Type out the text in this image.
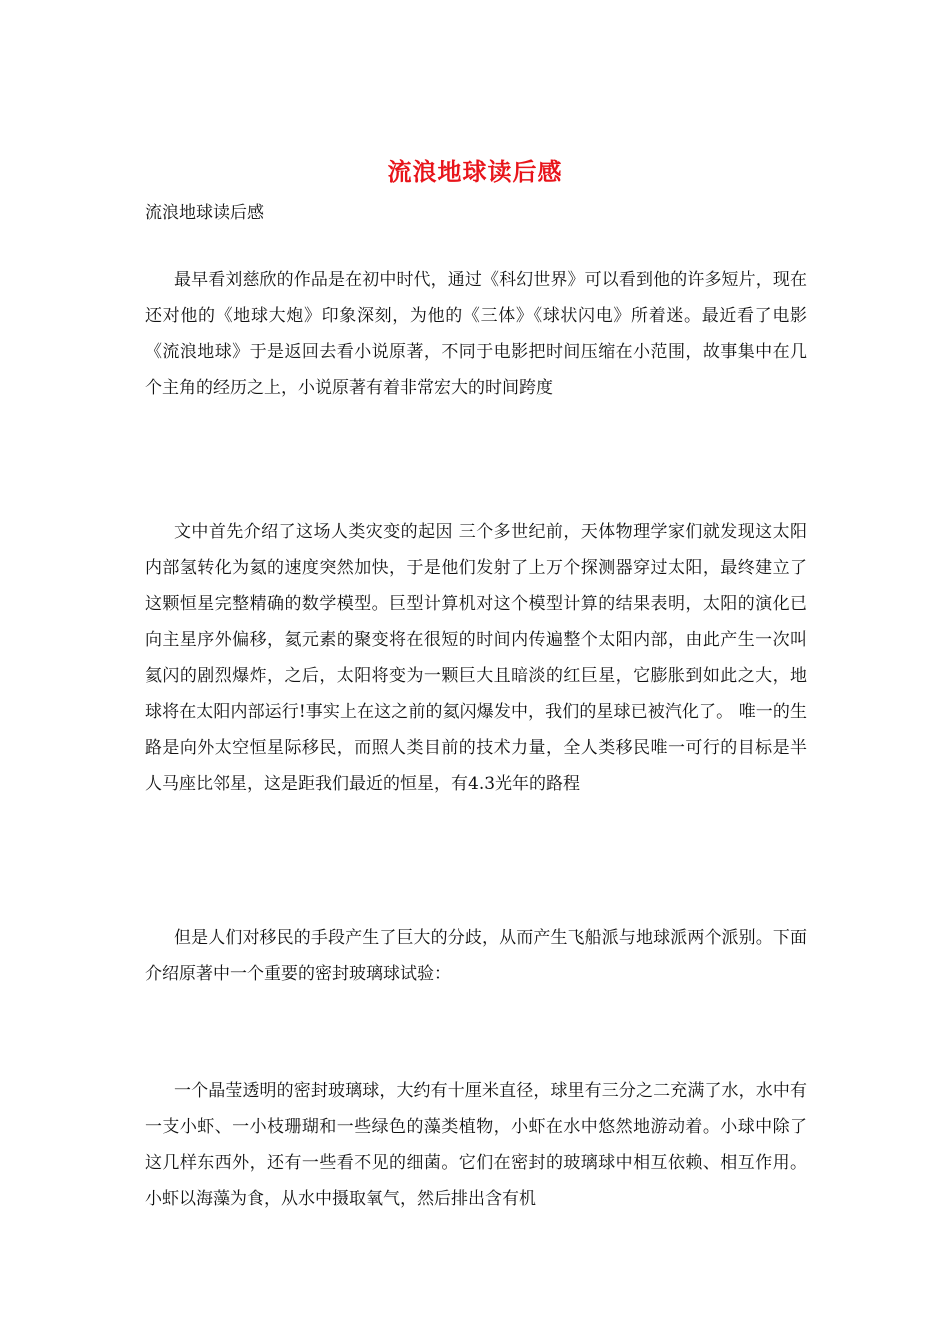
流浪地球读后感
流浪地球读后感

最早看刘慈欣的作品是在初中时代，通过《科幻世界》可以看到他的许多短片，现在还对他的《地球大炮》印象深刻，为他的《三体》《球状闪电》所着迷。最近看了电影《流浪地球》于是返回去看小说原著，不同于电影把时间压缩在小范围，故事集中在几个主角的经历之上，小说原著有着非常宏大的时间跨度

文中首先介绍了这场人类灾变的起因 三个多世纪前，天体物理学家们就发现这太阳内部氢转化为氦的速度突然加快，于是他们发射了上万个探测器穿过太阳，最终建立了这颗恒星完整精确的数学模型。巨型计算机对这个模型计算的结果表明，太阳的演化已向主星序外偏移，氦元素的聚变将在很短的时间内传遍整个太阳内部，由此产生一次叫氦闪的剧烈爆炸，之后，太阳将变为一颗巨大且暗淡的红巨星，它膨胀到如此之大，地球将在太阳内部运行!事实上在这之前的氦闪爆发中，我们的星球已被汽化了。 唯一的生路是向外太空恒星际移民，而照人类目前的技术力量，全人类移民唯一可行的目标是半人马座比邻星，这是距我们最近的恒星，有4.3光年的路程

但是人们对移民的手段产生了巨大的分歧，从而产生飞船派与地球派两个派别。下面介绍原著中一个重要的密封玻璃球试验：

一个晶莹透明的密封玻璃球，大约有十厘米直径，球里有三分之二充满了水，水中有一支小虾、一小枝珊瑚和一些绿色的藻类植物，小虾在水中悠然地游动着。小球中除了这几样东西外，还有一些看不见的细菌。它们在密封的玻璃球中相互依赖、相互作用。小虾以海藻为食，从水中摄取氧气，然后排出含有机
